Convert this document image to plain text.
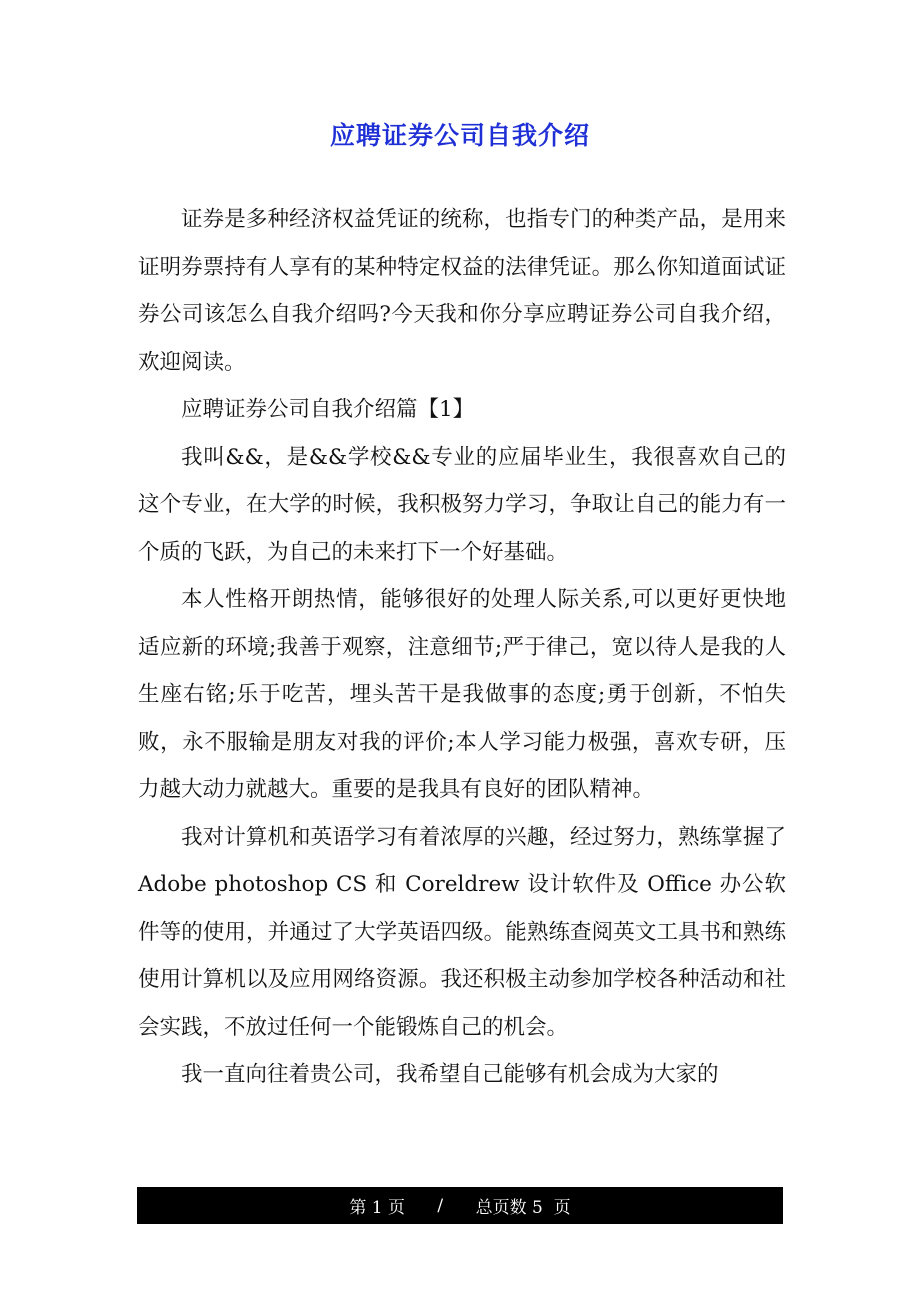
应聘证券公司自我介绍

证券是多种经济权益凭证的统称，也指专门的种类产品，是用来证明券票持有人享有的某种特定权益的法律凭证。那么你知道面试证券公司该怎么自我介绍吗?今天我和你分享应聘证券公司自我介绍，欢迎阅读。

应聘证券公司自我介绍篇【1】

我叫&&，是&&学校&&专业的应届毕业生，我很喜欢自己的这个专业，在大学的时候，我积极努力学习，争取让自己的能力有一个质的飞跃，为自己的未来打下一个好基础。

本人性格开朗热情，能够很好的处理人际关系,可以更好更快地适应新的环境;我善于观察，注意细节;严于律己，宽以待人是我的人生座右铭;乐于吃苦，埋头苦干是我做事的态度;勇于创新，不怕失败，永不服输是朋友对我的评价;本人学习能力极强，喜欢专研，压力越大动力就越大。重要的是我具有良好的团队精神。

我对计算机和英语学习有着浓厚的兴趣，经过努力，熟练掌握了 Adobe photoshop CS 和 Coreldrew 设计软件及 Office 办公软件等的使用，并通过了大学英语四级。能熟练查阅英文工具书和熟练使用计算机以及应用网络资源。我还积极主动参加学校各种活动和社会实践，不放过任何一个能锻炼自己的机会。

我一直向往着贵公司，我希望自己能够有机会成为大家的

第 1 页
/
总页数 5  页
